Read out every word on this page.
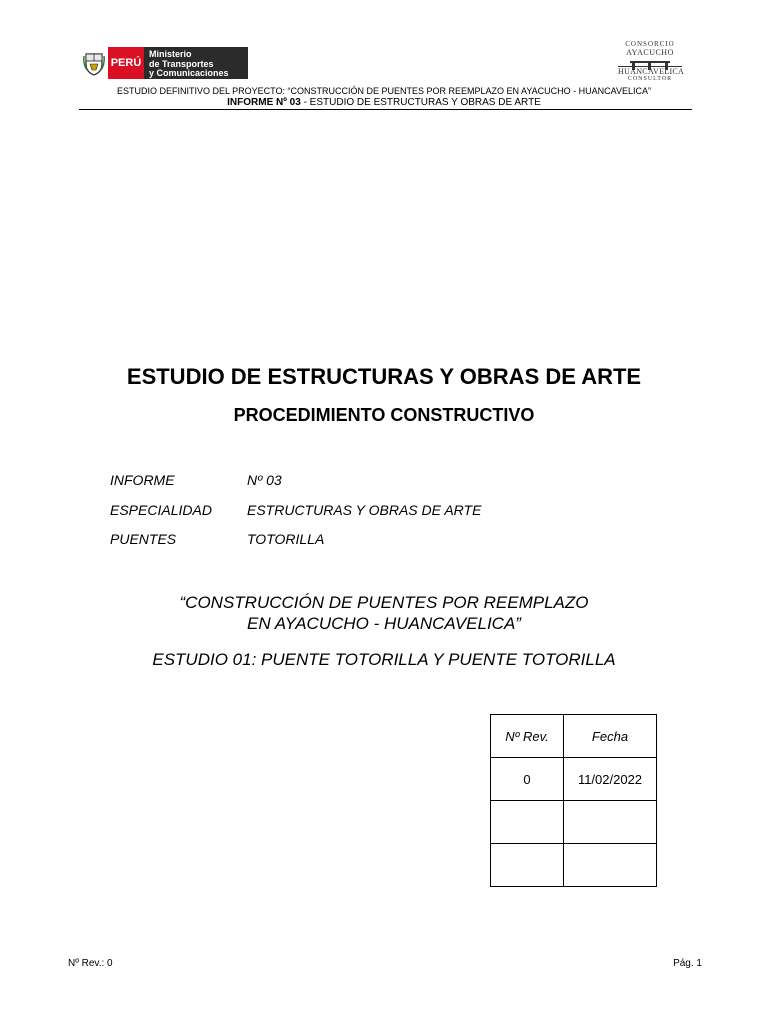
PERÚ
Ministerio
de Transportes
y Comunicaciones
CONSORCIO
AYACUCHO
HUANCAVELICA
CONSULTOR
ESTUDIO DEFINITIVO DEL PROYECTO: “CONSTRUCCIÓN DE PUENTES POR REEMPLAZO EN AYACUCHO - HUANCAVELICA”
INFORME Nº 03 - ESTUDIO DE ESTRUCTURAS Y OBRAS DE ARTE
ESTUDIO DE ESTRUCTURAS Y OBRAS DE ARTE
PROCEDIMIENTO CONSTRUCTIVO
INFORME	Nº 03
ESPECIALIDAD	ESTRUCTURAS Y OBRAS DE ARTE
PUENTES	TOTORILLA
“CONSTRUCCIÓN DE PUENTES POR REEMPLAZO
EN AYACUCHO - HUANCAVELICA”
ESTUDIO 01: PUENTE TOTORILLA Y PUENTE TOTORILLA
Nº Rev.	Fecha
0	11/02/2022

Nº Rev.: 0	Pág. 1
